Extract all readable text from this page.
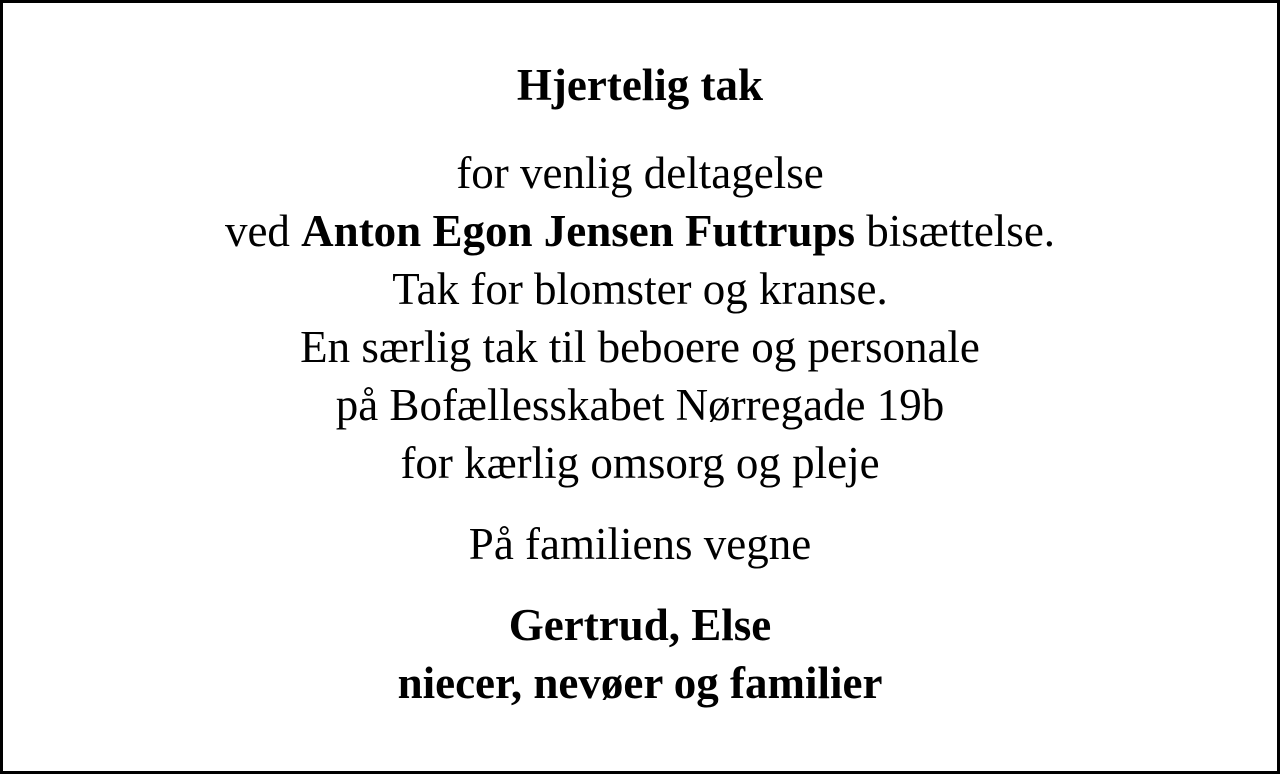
Hjertelig tak
for venlig deltagelse
ved Anton Egon Jensen Futtrups bisættelse.
Tak for blomster og kranse.
En særlig tak til beboere og personale
på Bofællesskabet Nørregade 19b
for kærlig omsorg og pleje
På familiens vegne
Gertrud, Else
niecer, nevøer og familier
